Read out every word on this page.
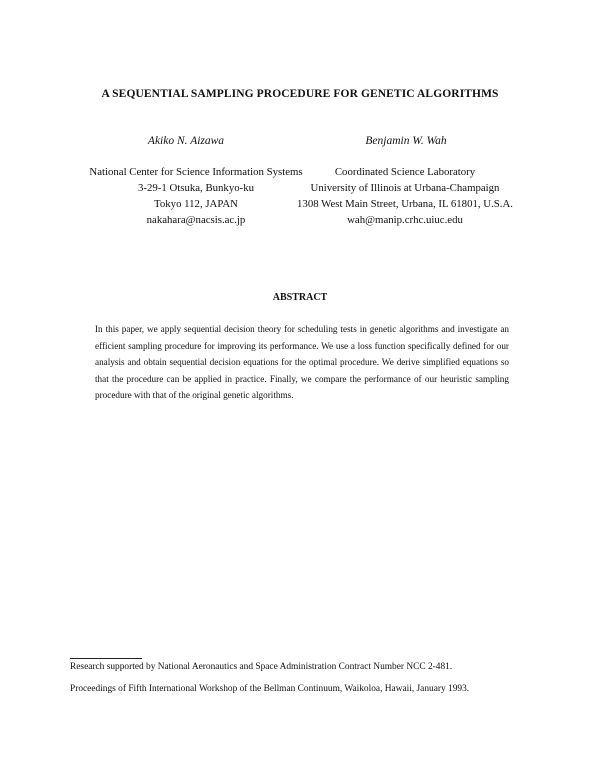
A SEQUENTIAL SAMPLING PROCEDURE FOR GENETIC ALGORITHMS
Akiko N. Aizawa	Benjamin W. Wah
National Center for Science Information Systems
3-29-1 Otsuka, Bunkyo-ku
Tokyo 112, JAPAN
nakahara@nacsis.ac.jp
Coordinated Science Laboratory
University of Illinois at Urbana-Champaign
1308 West Main Street, Urbana, IL 61801, U.S.A.
wah@manip.crhc.uiuc.edu
ABSTRACT
In this paper, we apply sequential decision theory for scheduling tests in genetic algorithms and investigate an efficient sampling procedure for improving its performance. We use a loss function specifically defined for our analysis and obtain sequential decision equations for the optimal procedure. We derive simplified equations so that the procedure can be applied in practice. Finally, we compare the performance of our heuristic sampling procedure with that of the original genetic algorithms.
Research supported by National Aeronautics and Space Administration Contract Number NCC 2-481.
Proceedings of Fifth International Workshop of the Bellman Continuum, Waikoloa, Hawaii, January 1993.
